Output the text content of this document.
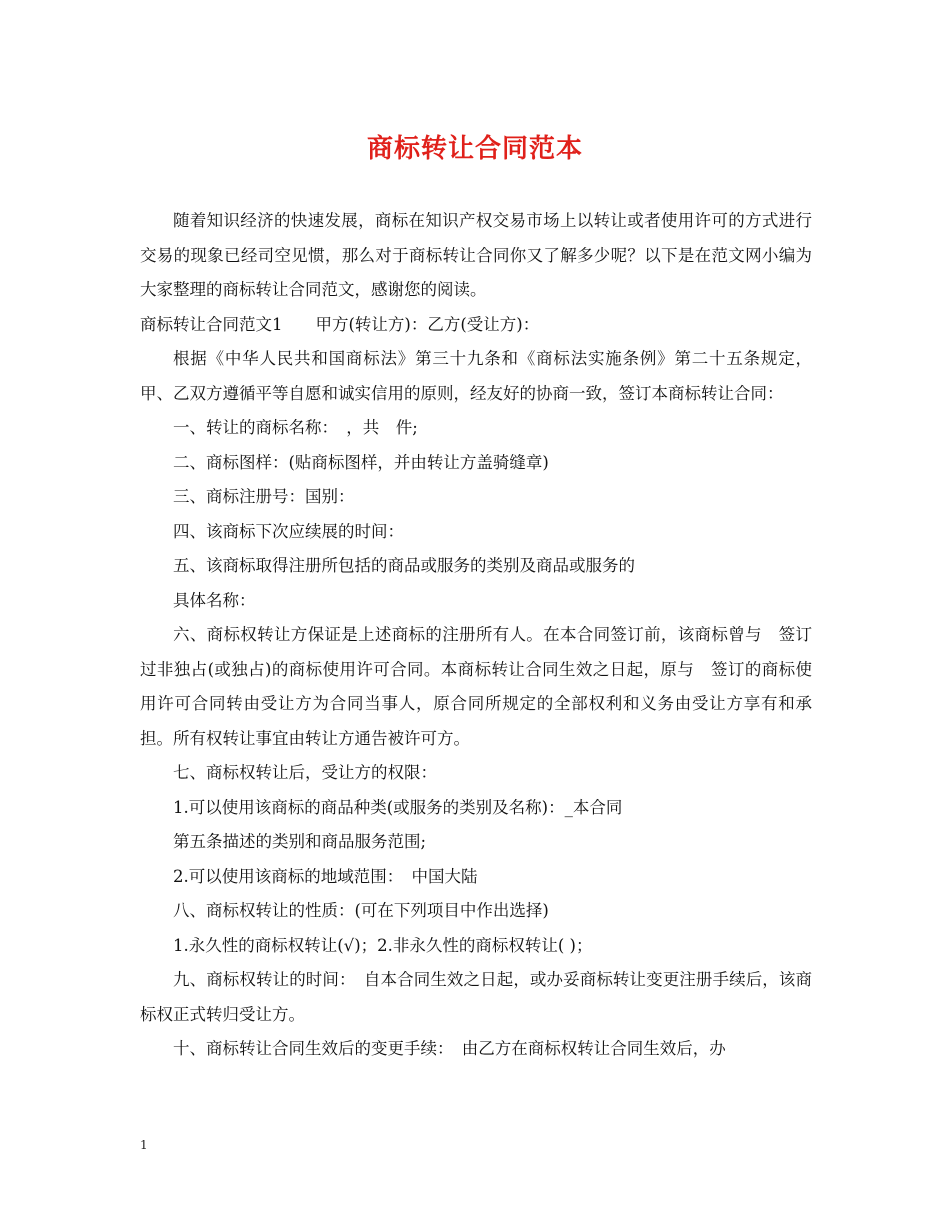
商标转让合同范本

随着知识经济的快速发展，商标在知识产权交易市场上以转让或者使用许可的方式进行交易的现象已经司空见惯，那么对于商标转让合同你又了解多少呢？以下是在范文网小编为大家整理的商标转让合同范文，感谢您的阅读。

商标转让合同范文1　　甲方(转让方)：乙方(受让方)：

根据《中华人民共和国商标法》第三十九条和《商标法实施条例》第二十五条规定，甲、乙双方遵循平等自愿和诚实信用的原则，经友好的协商一致，签订本商标转让合同：

一、转让的商标名称：　，共　件;

二、商标图样：(贴商标图样，并由转让方盖骑缝章)

三、商标注册号：国别：

四、该商标下次应续展的时间：

五、该商标取得注册所包括的商品或服务的类别及商品或服务的

具体名称：

六、商标权转让方保证是上述商标的注册所有人。在本合同签订前，该商标曾与　签订过非独占(或独占)的商标使用许可合同。本商标转让合同生效之日起，原与　签订的商标使用许可合同转由受让方为合同当事人，原合同所规定的全部权利和义务由受让方享有和承担。所有权转让事宜由转让方通告被许可方。

七、商标权转让后，受让方的权限：

1.可以使用该商标的商品种类(或服务的类别及名称)：_本合同

第五条描述的类别和商品服务范围;

2.可以使用该商标的地域范围：　中国大陆

八、商标权转让的性质：(可在下列项目中作出选择)

1.永久性的商标权转让(√)；2.非永久性的商标权转让( )；

九、商标权转让的时间：　自本合同生效之日起，或办妥商标转让变更注册手续后，该商标权正式转归受让方。

十、商标转让合同生效后的变更手续：　由乙方在商标权转让合同生效后，办

1
